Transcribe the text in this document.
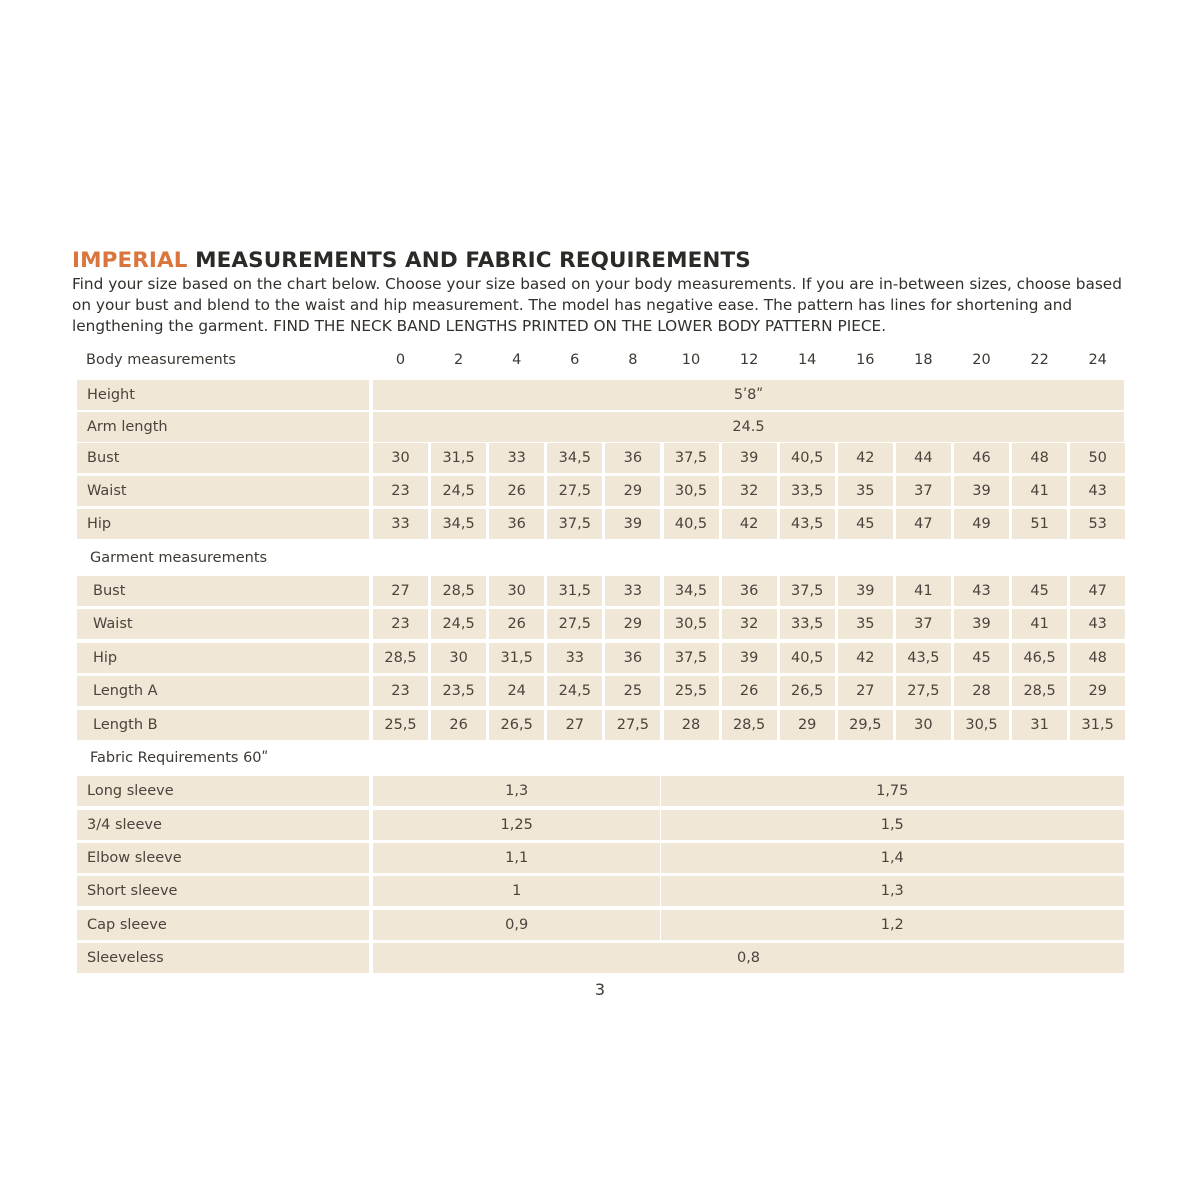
IMPERIAL MEASUREMENTS AND FABRIC REQUIREMENTS

Find your size based on the chart below. Choose your size based on your body measurements. If you are in-between sizes, choose based on your bust and blend to the waist and hip measurement. The model has negative ease. The pattern has lines for shortening and lengthening the garment. FIND THE NECK BAND LENGTHS PRINTED ON THE LOWER BODY PATTERN PIECE.

Body measurements	0	2	4	6	8	10	12	14	16	18	20	22	24
Height	5ʹ8ʺ
Arm length	24.5
Bust	30	31,5	33	34,5	36	37,5	39	40,5	42	44	46	48	50
Waist	23	24,5	26	27,5	29	30,5	32	33,5	35	37	39	41	43
Hip	33	34,5	36	37,5	39	40,5	42	43,5	45	47	49	51	53
Garment measurements
Bust	27	28,5	30	31,5	33	34,5	36	37,5	39	41	43	45	47
Waist	23	24,5	26	27,5	29	30,5	32	33,5	35	37	39	41	43
Hip	28,5	30	31,5	33	36	37,5	39	40,5	42	43,5	45	46,5	48
Length A	23	23,5	24	24,5	25	25,5	26	26,5	27	27,5	28	28,5	29
Length B	25,5	26	26,5	27	27,5	28	28,5	29	29,5	30	30,5	31	31,5
Fabric Requirements 60ʺ
Long sleeve	1,3	1,75
3/4 sleeve	1,25	1,5
Elbow sleeve	1,1	1,4
Short sleeve	1	1,3
Cap sleeve	0,9	1,2
Sleeveless	0,8
3
